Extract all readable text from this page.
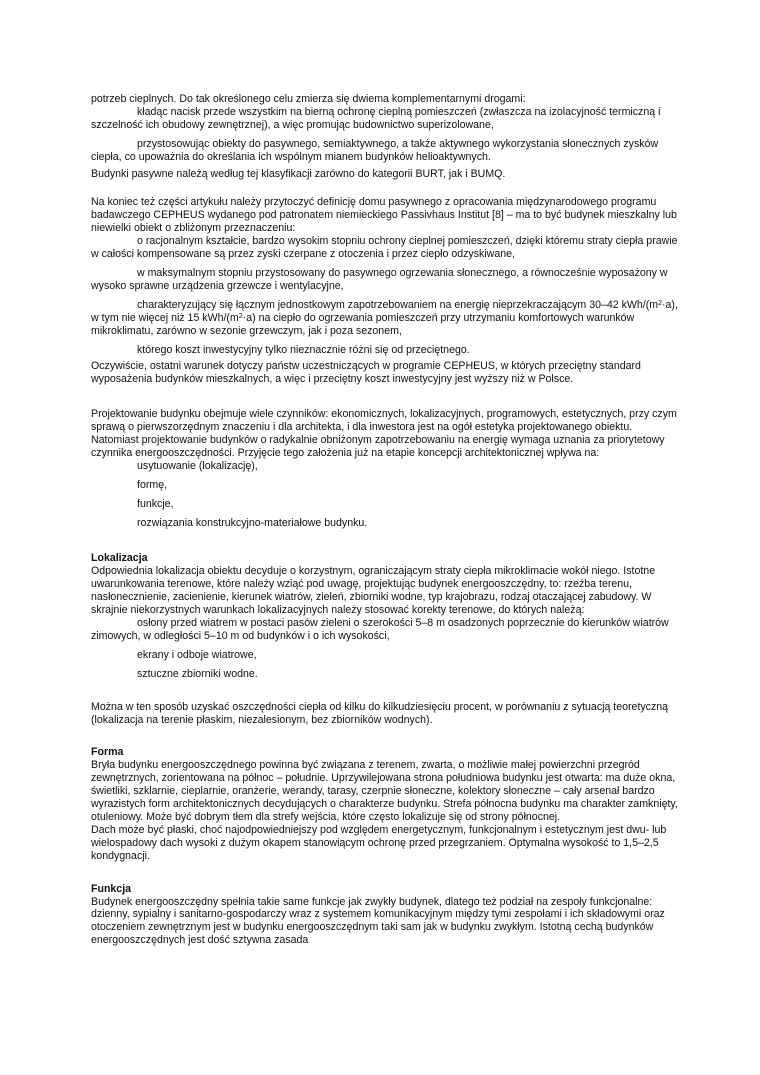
potrzeb cieplnych. Do tak określonego celu zmierza się dwiema komplementarnymi drogami:

kładąc nacisk przede wszystkim na bierną ochronę cieplną pomieszczeń (zwłaszcza na izolacyjność termiczną i szczelność ich obudowy zewnętrznej), a więc promując budownictwo superizolowane,

przystosowując obiekty do pasywnego, semiaktywnego, a także aktywnego wykorzystania słonecznych zysków ciepła, co upoważnia do określania ich wspólnym mianem budynków helioaktywnych.

Budynki pasywne należą według tej klasyfikacji zarówno do kategorii BURT, jak i BUMQ.

Na koniec też części artykułu należy przytoczyć definicję domu pasywnego z opracowania międzynarodowego programu badawczego CEPHEUS wydanego pod patronatem niemieckiego Passivhaus Institut [8] – ma to być budynek mieszkalny lub niewielki obiekt o zbliżonym przeznaczeniu:

o racjonalnym kształcie, bardzo wysokim stopniu ochrony cieplnej pomieszczeń, dzięki któremu straty ciepła prawie w całości kompensowane są przez zyski czerpane z otoczenia i przez ciepło odzyskiwane,

w maksymalnym stopniu przystosowany do pasywnego ogrzewania słonecznego, a równocześnie wyposażony w wysoko sprawne urządzenia grzewcze i wentylacyjne,

charakteryzujący się łącznym jednostkowym zapotrzebowaniem na energię nieprzekraczającym 30–42 kWh/$(m^2\cdot a)$, w tym nie więcej niż 15 kWh/$(m^2\cdot a)$ na ciepło do ogrzewania pomieszczeń przy utrzymaniu komfortowych warunków mikroklimatu, zarówno w sezonie grzewczym, jak i poza sezonem,

którego koszt inwestycyjny tylko nieznacznie różni się od przeciętnego.

Oczywiście, ostatni warunek dotyczy państw uczestniczących w programie CEPHEUS, w których przeciętny standard wyposażenia budynków mieszkalnych, a więc i przeciętny koszt inwestycyjny jest wyższy niż w Polsce.

Projektowanie budynku obejmuje wiele czynników: ekonomicznych, lokalizacyjnych, programowych, estetycznych, przy czym sprawą o pierwszorzędnym znaczeniu i dla architekta, i dla inwestora jest na ogół estetyka projektowanego obiektu. Natomiast projektowanie budynków o radykalnie obniżonym zapotrzebowaniu na energię wymaga uznania za priorytetowy czynnika energooszczędności. Przyjęcie tego założenia już na etapie koncepcji architektonicznej wpływa na:

usytuowanie (lokalizację),

formę,

funkcje,

rozwiązania konstrukcyjno-materiałowe budynku.

Lokalizacja

Odpowiednia lokalizacja obiektu decyduje o korzystnym, ograniczającym straty ciepła mikroklimacie wokół niego. Istotne uwarunkowania terenowe, które należy wziąć pod uwagę, projektując budynek energooszczędny, to: rzeźba terenu, nasłonecznienie, zacienienie, kierunek wiatrów, zieleń, zbiorniki wodne, typ krajobrazu, rodzaj otaczającej zabudowy. W skrajnie niekorzystnych warunkach lokalizacyjnych należy stosować korekty terenowe, do których należą:

osłony przed wiatrem w postaci pasów zieleni o szerokości 5–8 m osadzonych poprzecznie do kierunków wiatrów zimowych, w odległości 5–10 m od budynków i o ich wysokości,

ekrany i odboje wiatrowe,

sztuczne zbiorniki wodne.

Można w ten sposób uzyskać oszczędności ciepła od kilku do kilkudziesięciu procent, w porównaniu z sytuacją teoretyczną (lokalizacja na terenie płaskim, niezalesionym, bez zbiorników wodnych).

Forma

Bryła budynku energooszczędnego powinna być związana z terenem, zwarta, o możliwie małej powierzchni przegród zewnętrznych, zorientowana na północ – południe. Uprzywilejowana strona południowa budynku jest otwarta: ma duże okna, świetliki, szklarnie, cieplarnie, oranżerie, werandy, tarasy, czerpnie słoneczne, kolektory słoneczne – cały arsenał bardzo wyrazistych form architektonicznych decydujących o charakterze budynku. Strefa północna budynku ma charakter zamknięty, otuleniowy. Może być dobrym tłem dla strefy wejścia, które często lokalizuje się od strony północnej.

Dach może być płaski, choć najodpowiedniejszy pod względem energetycznym, funkcjonalnym i estetycznym jest dwu- lub wielospadowy dach wysoki z dużym okapem stanowiącym ochronę przed przegrzaniem. Optymalna wysokość to 1,5–2,5 kondygnacji.

Funkcja

Budynek energooszczędny spełnia takie same funkcje jak zwykły budynek, dlatego też podział na zespoły funkcjonalne: dzienny, sypialny i sanitarno-gospodarczy wraz z systemem komunikacyjnym między tymi zespołami i ich składowymi oraz otoczeniem zewnętrznym jest w budynku energooszczędnym taki sam jak w budynku zwykłym. Istotną cechą budynków energooszczędnych jest dość sztywna zasada
